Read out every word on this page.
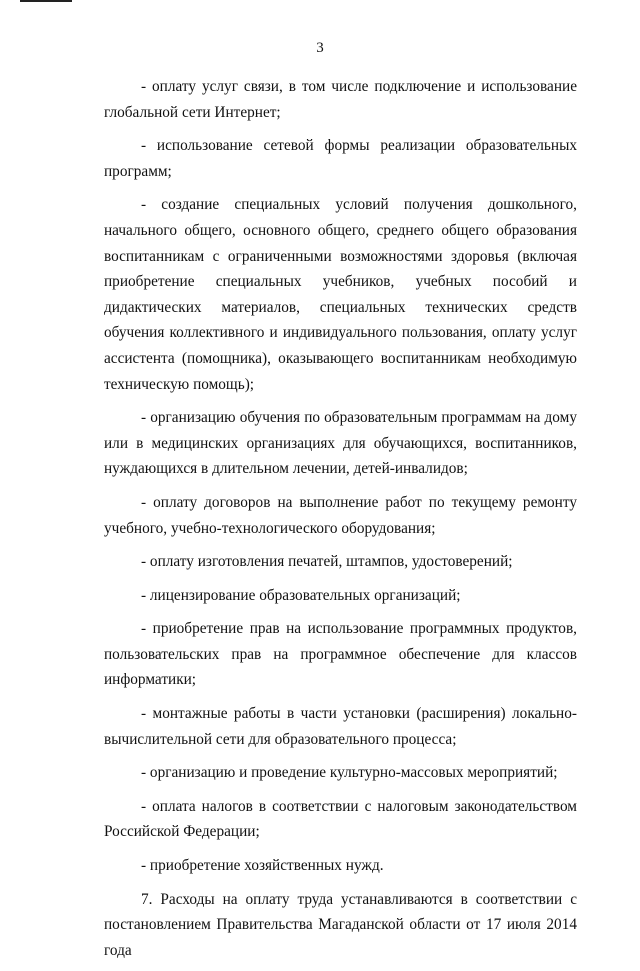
3

- оплату услуг связи, в том числе подключение и использование глобальной сети Интернет;

- использование сетевой формы реализации образовательных программ;

- создание специальных условий получения дошкольного, начального общего, основного общего, среднего общего образования воспитанникам с ограниченными возможностями здоровья (включая приобретение специальных учебников, учебных пособий и дидактических материалов, специальных технических средств обучения коллективного и индивидуального пользования, оплату услуг ассистента (помощника), оказывающего воспитанникам необходимую техническую помощь);

- организацию обучения по образовательным программам на дому или в медицинских организациях для обучающихся, воспитанников, нуждающихся в длительном лечении, детей-инвалидов;

- оплату договоров на выполнение работ по текущему ремонту учебного, учебно-технологического оборудования;

- оплату изготовления печатей, штампов, удостоверений;

- лицензирование образовательных организаций;

- приобретение прав на использование программных продуктов, пользовательских прав на программное обеспечение для классов информатики;

- монтажные работы в части установки (расширения) локально-вычислительной сети для образовательного процесса;

- организацию и проведение культурно-массовых мероприятий;

- оплата налогов в соответствии с налоговым законодательством Российской Федерации;

- приобретение хозяйственных нужд.

7. Расходы на оплату труда устанавливаются в соответствии с постановлением Правительства Магаданской области от 17 июля 2014 года
